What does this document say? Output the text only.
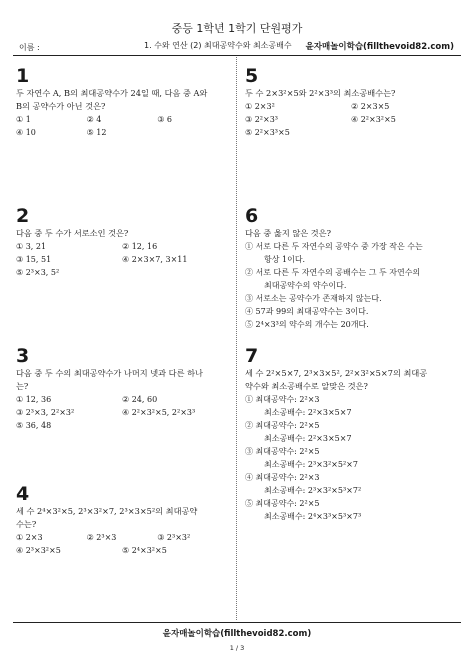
중등 1학년 1학기 단원평가
이름 :	1. 수와 연산 (2) 최대공약수와 최소공배수 윤자매놀이학습(fillthevoid82.com)
1
두 자연수 A, B의 최대공약수가 24일 때, 다음 중 A와
B의 공약수가 아닌 것은?
① 1	② 4	③ 6
④ 10	⑤ 12
2
다음 중 두 수가 서로소인 것은?
① 3, 21	② 12, 16
③ 15, 51	④ 2×3×7, 3×11
⑤ 2³×3, 5²
3
다음 중 두 수의 최대공약수가 나머지 넷과 다른 하나
는?
① 12, 36	② 24, 60
③ 2³×3, 2²×3²	④ 2²×3²×5, 2²×3³
⑤ 36, 48
4
세 수 2⁴×3²×5, 2³×3²×7, 2³×3×5²의 최대공약
수는?
① 2×3	② 2³×3	③ 2³×3²
④ 2³×3²×5	⑤ 2⁴×3²×5
5
두 수 2×3²×5와 2²×3³의 최소공배수는?
① 2×3²	② 2×3×5
③ 2²×3³	④ 2²×3²×5
⑤ 2²×3³×5
6
다음 중 옳지 않은 것은?
① 서로 다른 두 자연수의 공약수 중 가장 작은 수는
항상 1이다.
② 서로 다른 두 자연수의 공배수는 그 두 자연수의
최대공약수의 약수이다.
③ 서로소는 공약수가 존재하지 않는다.
④ 57과 99의 최대공약수는 3이다.
⑤ 2⁴×3³의 약수의 개수는 20개다.
7
세 수 2²×5×7, 2³×3×5², 2²×3²×5×7의 최대공
약수와 최소공배수로 알맞은 것은?
① 최대공약수: 2²×3
최소공배수: 2²×3×5×7
② 최대공약수: 2²×5
최소공배수: 2²×3×5×7
③ 최대공약수: 2²×5
최소공배수: 2³×3²×5²×7
④ 최대공약수: 2²×3
최소공배수: 2³×3²×5³×7²
⑤ 최대공약수: 2²×5
최소공배수: 2⁴×3³×5³×7³
윤자매놀이학습(fillthevoid82.com)
1 / 3
